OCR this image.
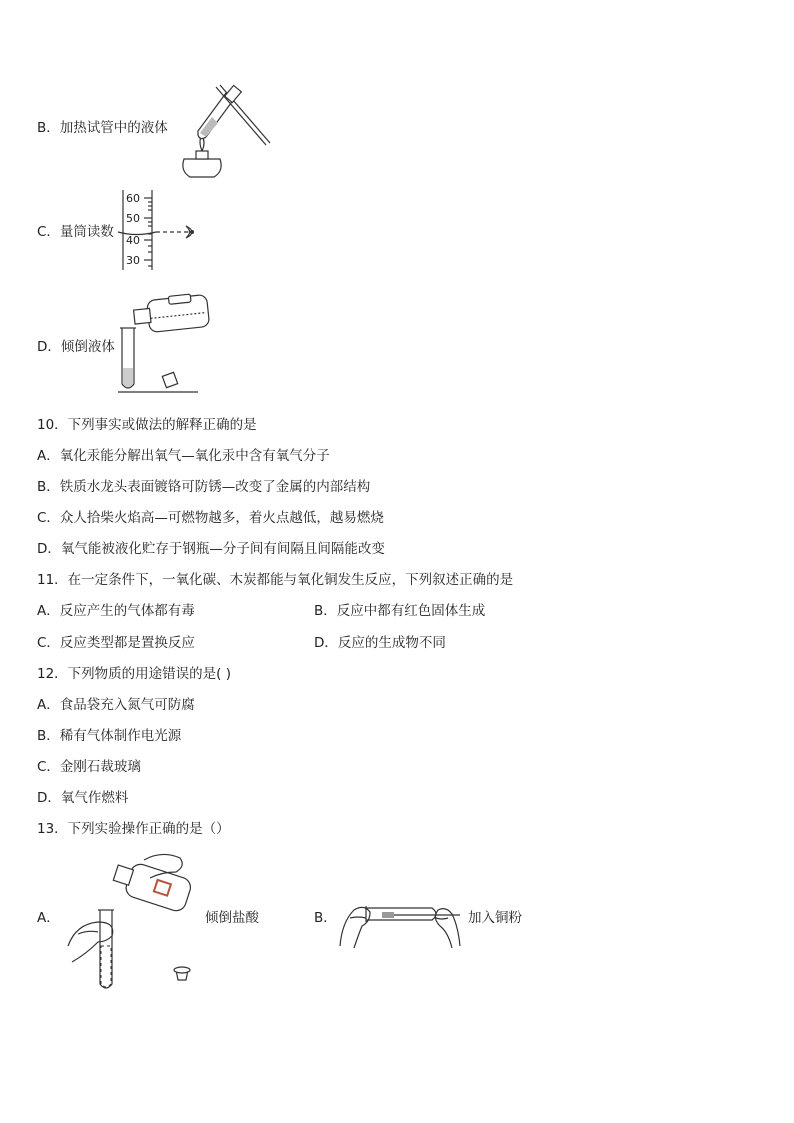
B．加热试管中的液体
C．量筒读数
60
50
40
30
D．倾倒液体
10．下列事实或做法的解释正确的是
A．氧化汞能分解出氧气—氧化汞中含有氧气分子
B．铁质水龙头表面镀铬可防锈—改变了金属的内部结构
C．众人拾柴火焰高—可燃物越多，着火点越低，越易燃烧
D．氧气能被液化贮存于钢瓶—分子间有间隔且间隔能改变
11．在一定条件下，一氧化碳、木炭都能与氧化铜发生反应，下列叙述正确的是
A．反应产生的气体都有毒	B．反应中都有红色固体生成
C．反应类型都是置换反应	D．反应的生成物不同
12．下列物质的用途错误的是( )
A．食品袋充入氮气可防腐
B．稀有气体制作电光源
C．金刚石裁玻璃
D．氧气作燃料
13．下列实验操作正确的是（）
A．	倾倒盐酸	B．	加入铜粉
